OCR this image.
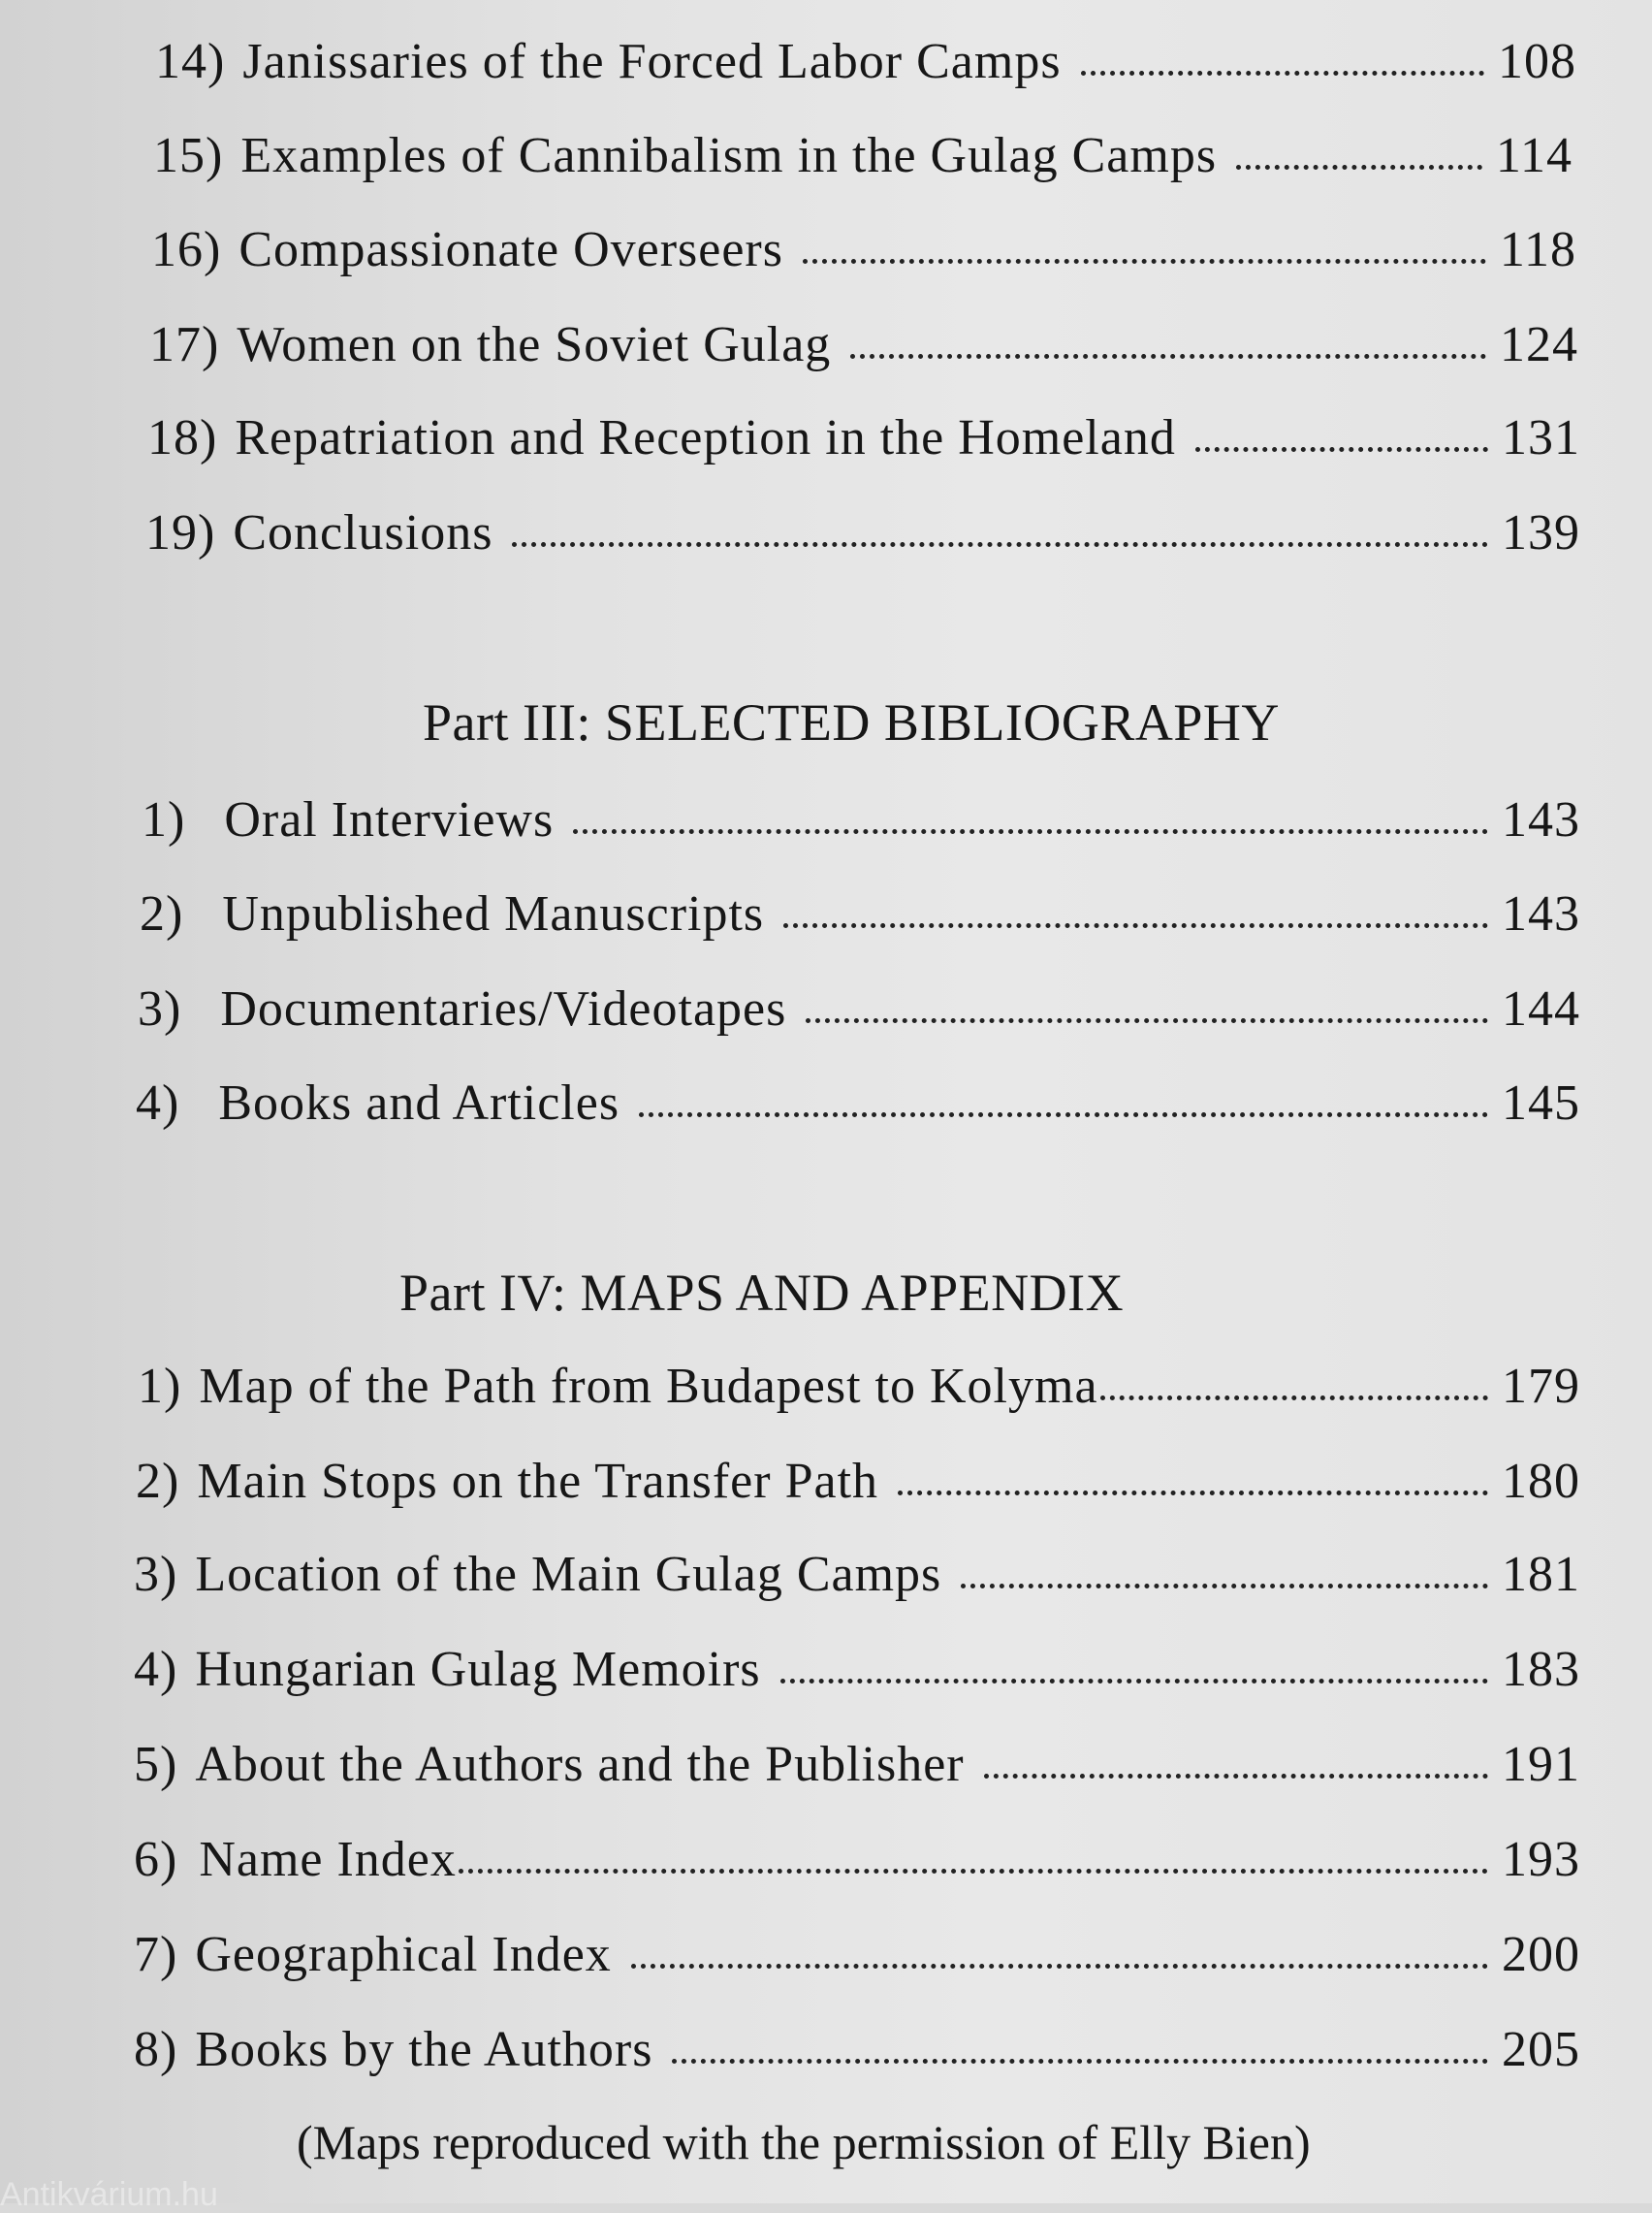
14) Janissaries of the Forced Labor Camps	108
15) Examples of Cannibalism in the Gulag Camps	114
16) Compassionate Overseers	118
17) Women on the Soviet Gulag	124
18) Repatriation and Reception in the Homeland	131
19) Conclusions	139
Part III: SELECTED BIBLIOGRAPHY
1) Oral Interviews	143
2) Unpublished Manuscripts	143
3) Documentaries/Videotapes	144
4) Books and Articles	145
Part IV: MAPS AND APPENDIX
1) Map of the Path from Budapest to Kolyma	179
2) Main Stops on the Transfer Path	180
3) Location of the Main Gulag Camps	181
4) Hungarian Gulag Memoirs	183
5) About the Authors and the Publisher	191
6) Name Index	193
7) Geographical Index	200
8) Books by the Authors	205
(Maps reproduced with the permission of Elly Bien)
Antikvárium.hu
